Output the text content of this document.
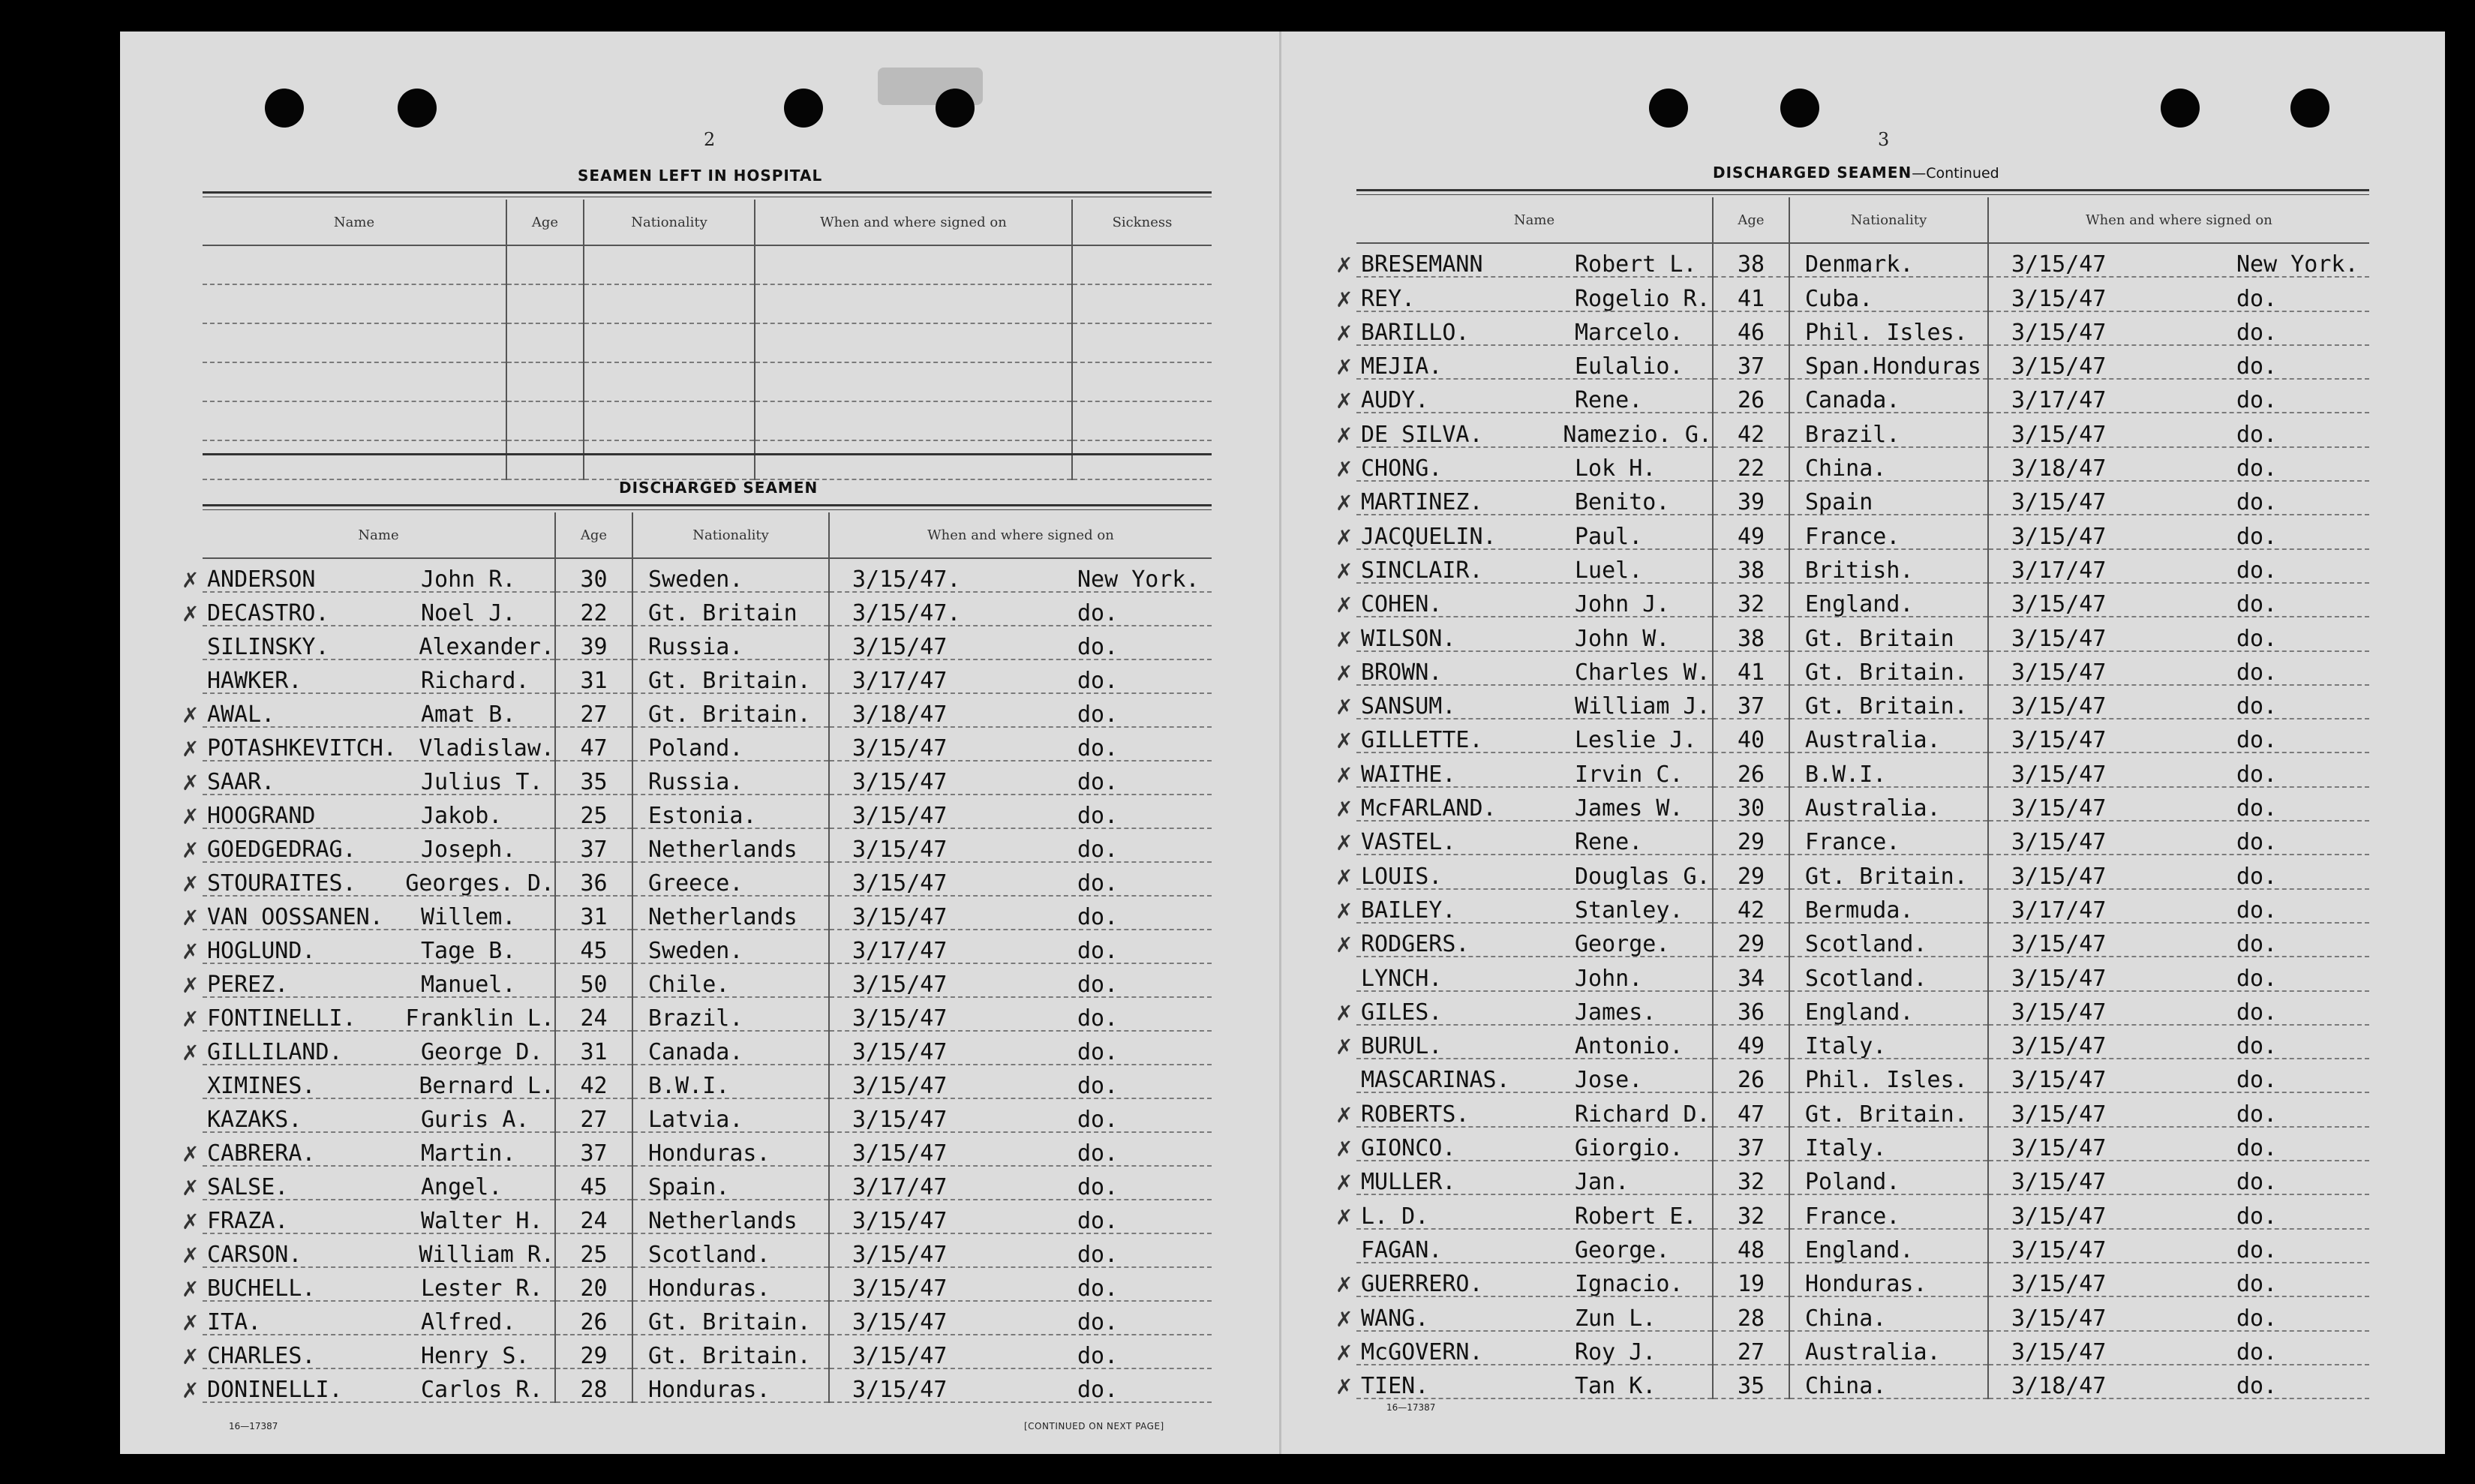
2
SEAMEN LEFT IN HOSPITAL
Name	Age	Nationality	When and where signed on	Sickness

DISCHARGED SEAMEN
Name	Age	Nationality	When and where signed on

✗ ANDERSON John R.	30	Sweden.	3/15/47. New York.

✗ DECASTRO. Noel J.	22	Gt. Britain	3/15/47. do.

SILINSKY. Alexander.	39	Russia.	3/15/47 do.

HAWKER. Richard.	31	Gt. Britain.	3/17/47 do.

✗ AWAL. Amat B.	27	Gt. Britain.	3/18/47 do.

✗ POTASHKEVITCH. Vladislaw.	47	Poland.	3/15/47 do.

✗ SAAR. Julius T.	35	Russia.	3/15/47 do.

✗ HOOGRAND Jakob.	25	Estonia.	3/15/47 do.

✗ GOEDGEDRAG. Joseph.	37	Netherlands	3/15/47 do.

✗ STOURAITES. Georges. D.	36	Greece.	3/15/47 do.

✗ VAN OOSSANEN. Willem.	31	Netherlands	3/15/47 do.

✗ HOGLUND. Tage B.	45	Sweden.	3/17/47 do.

✗ PEREZ. Manuel.	50	Chile.	3/15/47 do.

✗ FONTINELLI. Franklin L.	24	Brazil.	3/15/47 do.

✗ GILLILAND. George D.	31	Canada.	3/15/47 do.

XIMINES. Bernard L.	42	B.W.I.	3/15/47 do.

KAZAKS. Guris A.	27	Latvia.	3/15/47 do.

✗ CABRERA. Martin.	37	Honduras.	3/15/47 do.

✗ SALSE. Angel.	45	Spain.	3/17/47 do.

✗ FRAZA. Walter H.	24	Netherlands	3/15/47 do.

✗ CARSON. William R.	25	Scotland.	3/15/47 do.

✗ BUCHELL. Lester R.	20	Honduras.	3/15/47 do.

✗ ITA. Alfred.	26	Gt. Britain.	3/15/47 do.

✗ CHARLES. Henry S.	29	Gt. Britain.	3/15/47 do.

✗ DONINELLI. Carlos R.	28	Honduras.	3/15/47 do.
16—17387	[CONTINUED ON NEXT PAGE]
3
DISCHARGED SEAMEN—Continued
Name	Age	Nationality	When and where signed on

✗ BRESEMANN Robert L.	38	Denmark.	3/15/47 New York.

✗ REY. Rogelio R.	41	Cuba.	3/15/47 do.

✗ BARILLO. Marcelo.	46	Phil. Isles.	3/15/47 do.

✗ MEJIA. Eulalio.	37	Span.Honduras	3/15/47 do.

✗ AUDY. Rene.	26	Canada.	3/17/47 do.

✗ DE SILVA. Namezio. G.	42	Brazil.	3/15/47 do.

✗ CHONG. Lok H.	22	China.	3/18/47 do.

✗ MARTINEZ. Benito.	39	Spain	3/15/47 do.

✗ JACQUELIN. Paul.	49	France.	3/15/47 do.

✗ SINCLAIR. Luel.	38	British.	3/17/47 do.

✗ COHEN. John J.	32	England.	3/15/47 do.

✗ WILSON. John W.	38	Gt. Britain	3/15/47 do.

✗ BROWN. Charles W.	41	Gt. Britain.	3/15/47 do.

✗ SANSUM. William J.	37	Gt. Britain.	3/15/47 do.

✗ GILLETTE. Leslie J.	40	Australia.	3/15/47 do.

✗ WAITHE. Irvin C.	26	B.W.I.	3/15/47 do.

✗ McFARLAND. James W.	30	Australia.	3/15/47 do.

✗ VASTEL. Rene.	29	France.	3/15/47 do.

✗ LOUIS. Douglas G.	29	Gt. Britain.	3/15/47 do.

✗ BAILEY. Stanley.	42	Bermuda.	3/17/47 do.

✗ RODGERS. George.	29	Scotland.	3/15/47 do.

LYNCH. John.	34	Scotland.	3/15/47 do.

✗ GILES. James.	36	England.	3/15/47 do.

✗ BURUL. Antonio.	49	Italy.	3/15/47 do.

MASCARINAS. Jose.	26	Phil. Isles.	3/15/47 do.

✗ ROBERTS. Richard D.	47	Gt. Britain.	3/15/47 do.

✗ GIONCO. Giorgio.	37	Italy.	3/15/47 do.

✗ MULLER. Jan.	32	Poland.	3/15/47 do.

✗ L. D. Robert E.	32	France.	3/15/47 do.

FAGAN. George.	48	England.	3/15/47 do.

✗ GUERRERO. Ignacio.	19	Honduras.	3/15/47 do.

✗ WANG. Zun L.	28	China.	3/15/47 do.

✗ McGOVERN. Roy J.	27	Australia.	3/15/47 do.

✗ TIEN. Tan K.	35	China.	3/18/47 do.
16—17387
